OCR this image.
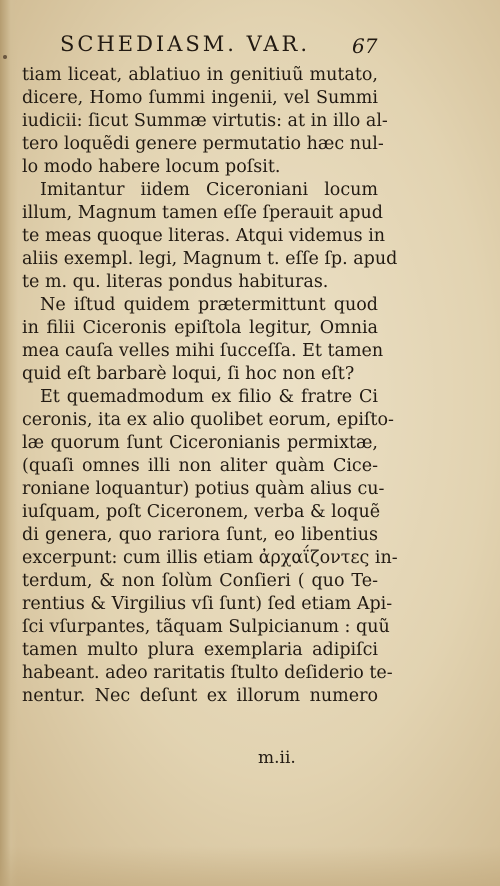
SCHEDIASM. VAR.	67
tiam liceat, ablatiuo in genitiuũ mutato,
dicere, Homo ſummi ingenii, vel Summi
iudicii: ſicut Summæ virtutis: at in illo al-
tero loquẽdi genere permutatio hæc nul-
lo modo habere locum poſsit.
Imitantur iidem Ciceroniani locum
illum, Magnum tamen eſſe ſperauit apud
te meas quoque literas. Atqui videmus in
aliis exempl. legi, Magnum t. eſſe ſp. apud
te m. qu. literas pondus habituras.
Ne iſtud quidem prætermittunt quod
in filii Ciceronis epiſtola legitur, Omnia
mea cauſa velles mihi ſucceſſa. Et tamen
quid eſt barbarè loqui, ſi hoc non eſt?
Et quemadmodum ex filio & fratre Ci
ceronis, ita ex alio quolibet eorum, epiſto-
læ quorum ſunt Ciceronianis permixtæ,
(quaſi omnes illi non aliter quàm Cice-
roniane loquantur) potius quàm alius cu-
iuſquam, poſt Ciceronem, verba & loquẽ
di genera, quo rariora ſunt, eo libentius
excerpunt: cum illis etiam ἀρχαΐζοντες in-
terdum, & non ſolùm Conſieri ( quo Te-
rentius & Virgilius vſi ſunt) ſed etiam Api-
ſci vſurpantes, tãquam Sulpicianum : quũ
tamen multo plura exemplaria adipiſci
habeant. adeo raritatis ſtulto deſiderio te-
nentur. Nec deſunt ex illorum numero
m.ii.
